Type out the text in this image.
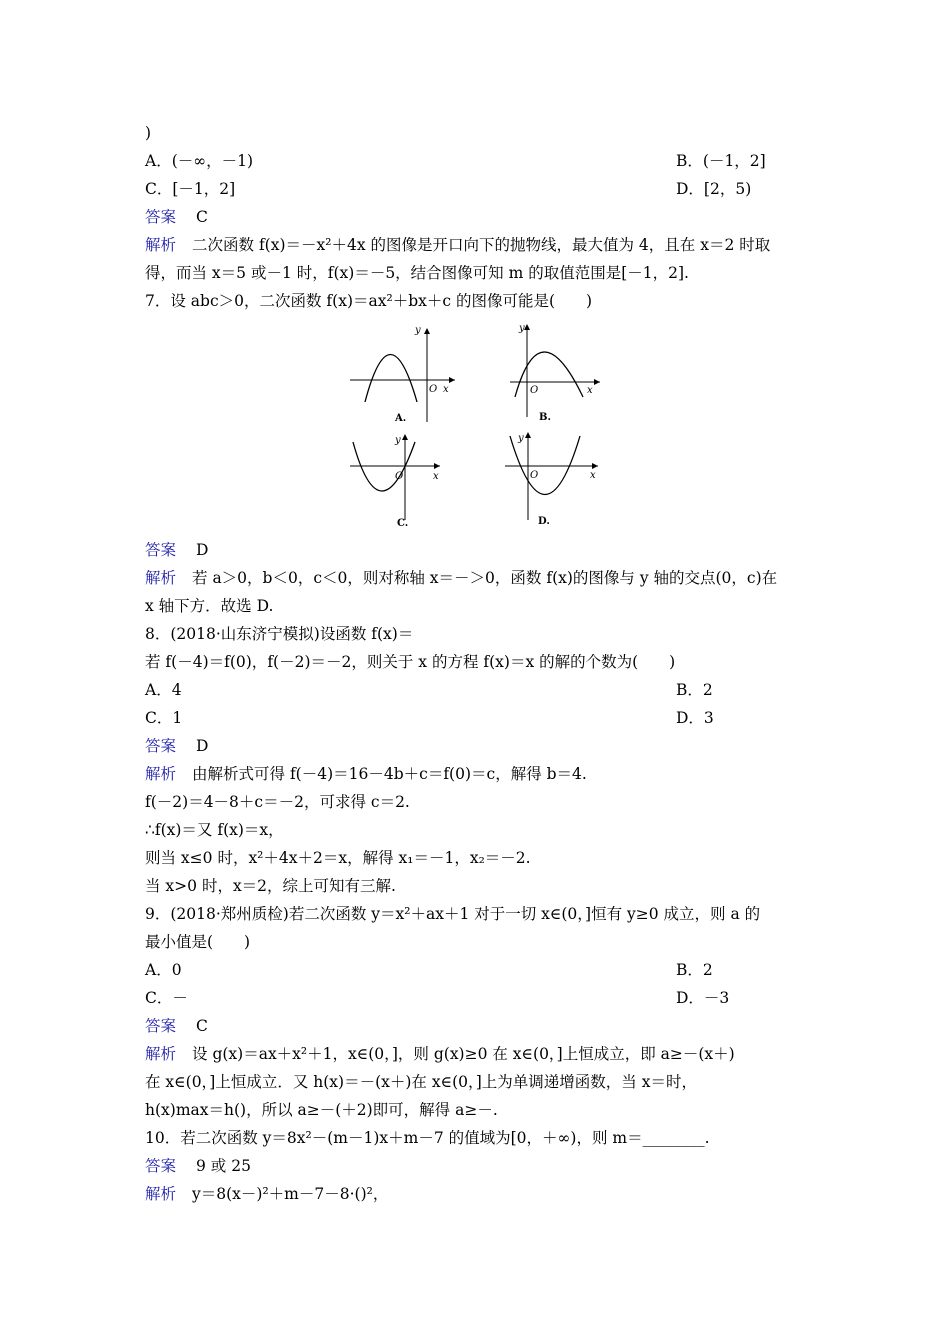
)
A．(－∞，－1)	B．(－1，2]
C．[－1，2]	D．[2，5)
答案 C
解析 二次函数 f(x)＝－x²＋4x 的图像是开口向下的抛物线，最大值为 4，且在 x＝2 时取
得，而当 x＝5 或－1 时，f(x)＝－5，结合图像可知 m 的取值范围是[－1，2].
7．设 abc＞0，二次函数 f(x)＝ax²＋bx＋c 的图像可能是(　　)
y
O x
A.
y
O	x
B.
y
O	x
C.
y
O	x
D.
答案 D
解析 若 a＞0，b＜0，c＜0，则对称轴 x＝－＞0，函数 f(x)的图像与 y 轴的交点(0，c)在
x 轴下方．故选 D.
8．(2018·山东济宁模拟)设函数 f(x)＝
若 f(－4)＝f(0)，f(－2)＝－2，则关于 x 的方程 f(x)＝x 的解的个数为(　　)
A．4	B．2
C．1	D．3
答案 D
解析 由解析式可得 f(－4)＝16－4b＋c＝f(0)＝c，解得 b＝4.
f(－2)＝4－8＋c＝－2，可求得 c＝2.
∴f(x)＝又 f(x)＝x，
则当 x≤0 时，x²＋4x＋2＝x，解得 x₁＝－1，x₂＝－2.
当 x>0 时，x＝2，综上可知有三解.
9．(2018·郑州质检)若二次函数 y＝x²＋ax＋1 对于一切 x∈(0，]恒有 y≥0 成立，则 a 的
最小值是(　　)
A．0	B．2
C．－	D．－3
答案 C
解析 设 g(x)＝ax＋x²＋1，x∈(0，]，则 g(x)≥0 在 x∈(0，]上恒成立，即 a≥－(x＋)
在 x∈(0，]上恒成立．又 h(x)＝－(x＋)在 x∈(0，]上为单调递增函数，当 x＝时，
h(x)max＝h()，所以 a≥－(＋2)即可，解得 a≥－.
10．若二次函数 y＝8x²－(m－1)x＋m－7 的值域为[0，＋∞)，则 m＝________.
答案 9 或 25
解析 y＝8(x－)²＋m－7－8·()²，
